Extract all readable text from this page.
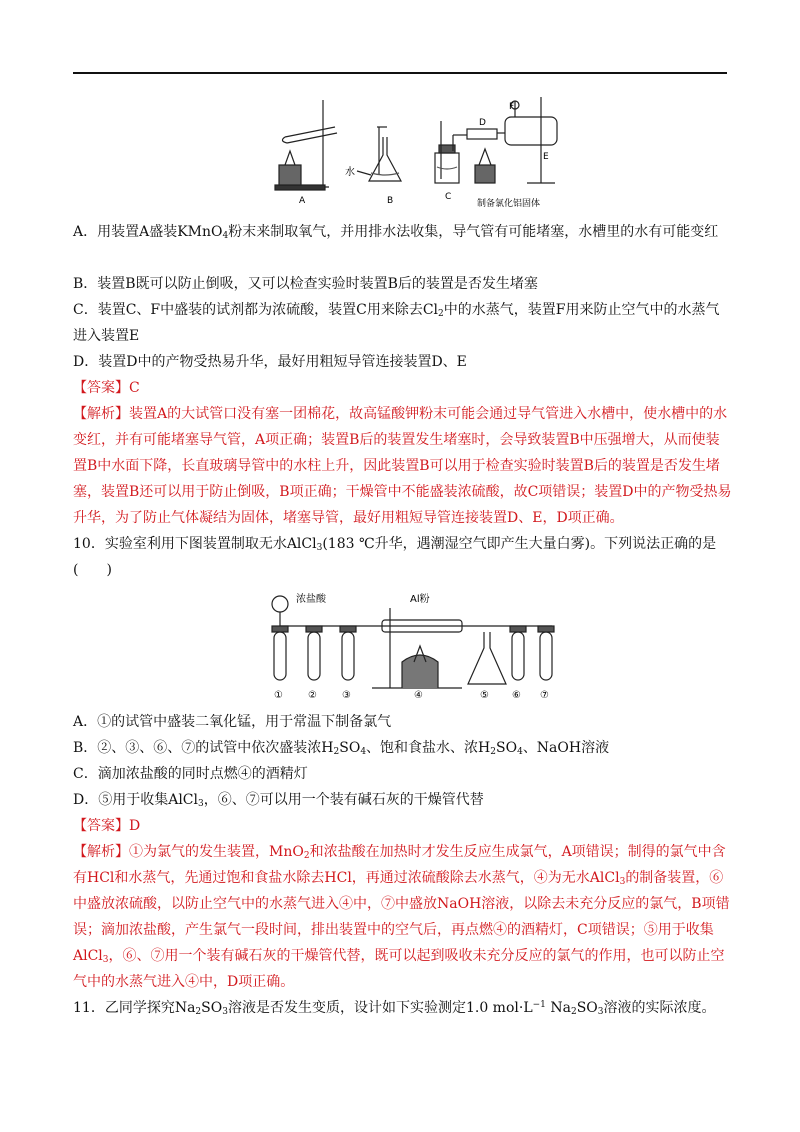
A	B	C
D
E
F
水
制备氯化铝固体
A．用装置A盛装KMnO$_4$粉末来制取氧气，并用排水法收集，导气管有可能堵塞，水槽里的水有可能变红
B．装置B既可以防止倒吸，又可以检查实验时装置B后的装置是否发生堵塞
C．装置C、F中盛装的试剂都为浓硫酸，装置C用来除去$Cl_2$中的水蒸气，装置F用来防止空气中的水蒸气进入装置E
D．装置D中的产物受热易升华，最好用粗短导管连接装置D、E
【答案】C
【解析】装置A的大试管口没有塞一团棉花，故高锰酸钾粉末可能会通过导气管进入水槽中，使水槽中的水变红，并有可能堵塞导气管，A项正确；装置B后的装置发生堵塞时，会导致装置B中压强增大，从而使装置B中水面下降，长直玻璃导管中的水柱上升，因此装置B可以用于检查实验时装置B后的装置是否发生堵塞，装置B还可以用于防止倒吸，B项正确；干燥管中不能盛装浓硫酸，故C项错误；装置D中的产物受热易升华，为了防止气体凝结为固体，堵塞导管，最好用粗短导管连接装置D、E，D项正确。
10．实验室利用下图装置制取无水AlCl$_3$(183 ℃升华，遇潮湿空气即产生大量白雾)。下列说法正确的是(　　)
浓盐酸	Al粉
①	②	③	④	⑤ ⑥ ⑦
A．①的试管中盛装二氧化锰，用于常温下制备氯气
B．②、③、⑥、⑦的试管中依次盛装浓$H_2SO_4$、饱和食盐水、浓$H_2SO_4$、NaOH溶液
C．滴加浓盐酸的同时点燃④的酒精灯
D．⑤用于收集AlCl$_3$，⑥、⑦可以用一个装有碱石灰的干燥管代替
【答案】D
【解析】①为氯气的发生装置，MnO$_2$和浓盐酸在加热时才发生反应生成氯气，A项错误；制得的氯气中含有HCl和水蒸气，先通过饱和食盐水除去HCl，再通过浓硫酸除去水蒸气，④为无水AlCl$_3$的制备装置，⑥中盛放浓硫酸，以防止空气中的水蒸气进入④中，⑦中盛放NaOH溶液，以除去未充分反应的氯气，B项错误；滴加浓盐酸，产生氯气一段时间，排出装置中的空气后，再点燃④的酒精灯，C项错误；⑤用于收集AlCl$_3$，⑥、⑦用一个装有碱石灰的干燥管代替，既可以起到吸收未充分反应的氯气的作用，也可以防止空气中的水蒸气进入④中，D项正确。
11．乙同学探究$Na_2SO_3$溶液是否发生变质，设计如下实验测定1.0 $mol\cdot L^{-1}$ $Na_2SO_3$溶液的实际浓度。
